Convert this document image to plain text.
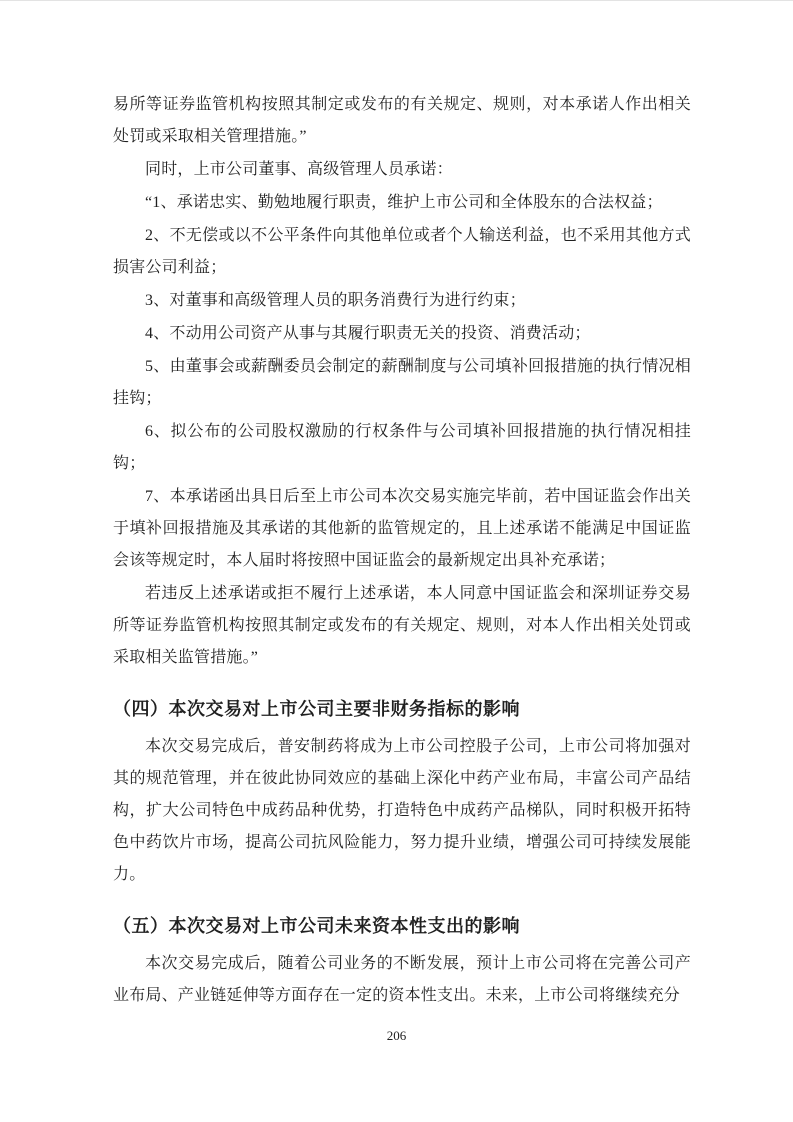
易所等证券监管机构按照其制定或发布的有关规定、规则，对本承诺人作出相关处罚或采取相关管理措施。”

同时，上市公司董事、高级管理人员承诺：

“1、承诺忠实、勤勉地履行职责，维护上市公司和全体股东的合法权益；

2、不无偿或以不公平条件向其他单位或者个人输送利益，也不采用其他方式损害公司利益；

3、对董事和高级管理人员的职务消费行为进行约束；

4、不动用公司资产从事与其履行职责无关的投资、消费活动；

5、由董事会或薪酬委员会制定的薪酬制度与公司填补回报措施的执行情况相挂钩；

6、拟公布的公司股权激励的行权条件与公司填补回报措施的执行情况相挂钩；

7、本承诺函出具日后至上市公司本次交易实施完毕前，若中国证监会作出关于填补回报措施及其承诺的其他新的监管规定的，且上述承诺不能满足中国证监会该等规定时，本人届时将按照中国证监会的最新规定出具补充承诺；

若违反上述承诺或拒不履行上述承诺，本人同意中国证监会和深圳证券交易所等证券监管机构按照其制定或发布的有关规定、规则，对本人作出相关处罚或采取相关监管措施。”

（四）本次交易对上市公司主要非财务指标的影响

本次交易完成后，普安制药将成为上市公司控股子公司，上市公司将加强对其的规范管理，并在彼此协同效应的基础上深化中药产业布局，丰富公司产品结构，扩大公司特色中成药品种优势，打造特色中成药产品梯队，同时积极开拓特色中药饮片市场，提高公司抗风险能力，努力提升业绩，增强公司可持续发展能力。

（五）本次交易对上市公司未来资本性支出的影响

本次交易完成后，随着公司业务的不断发展，预计上市公司将在完善公司产业布局、产业链延伸等方面存在一定的资本性支出。未来，上市公司将继续充分

206
